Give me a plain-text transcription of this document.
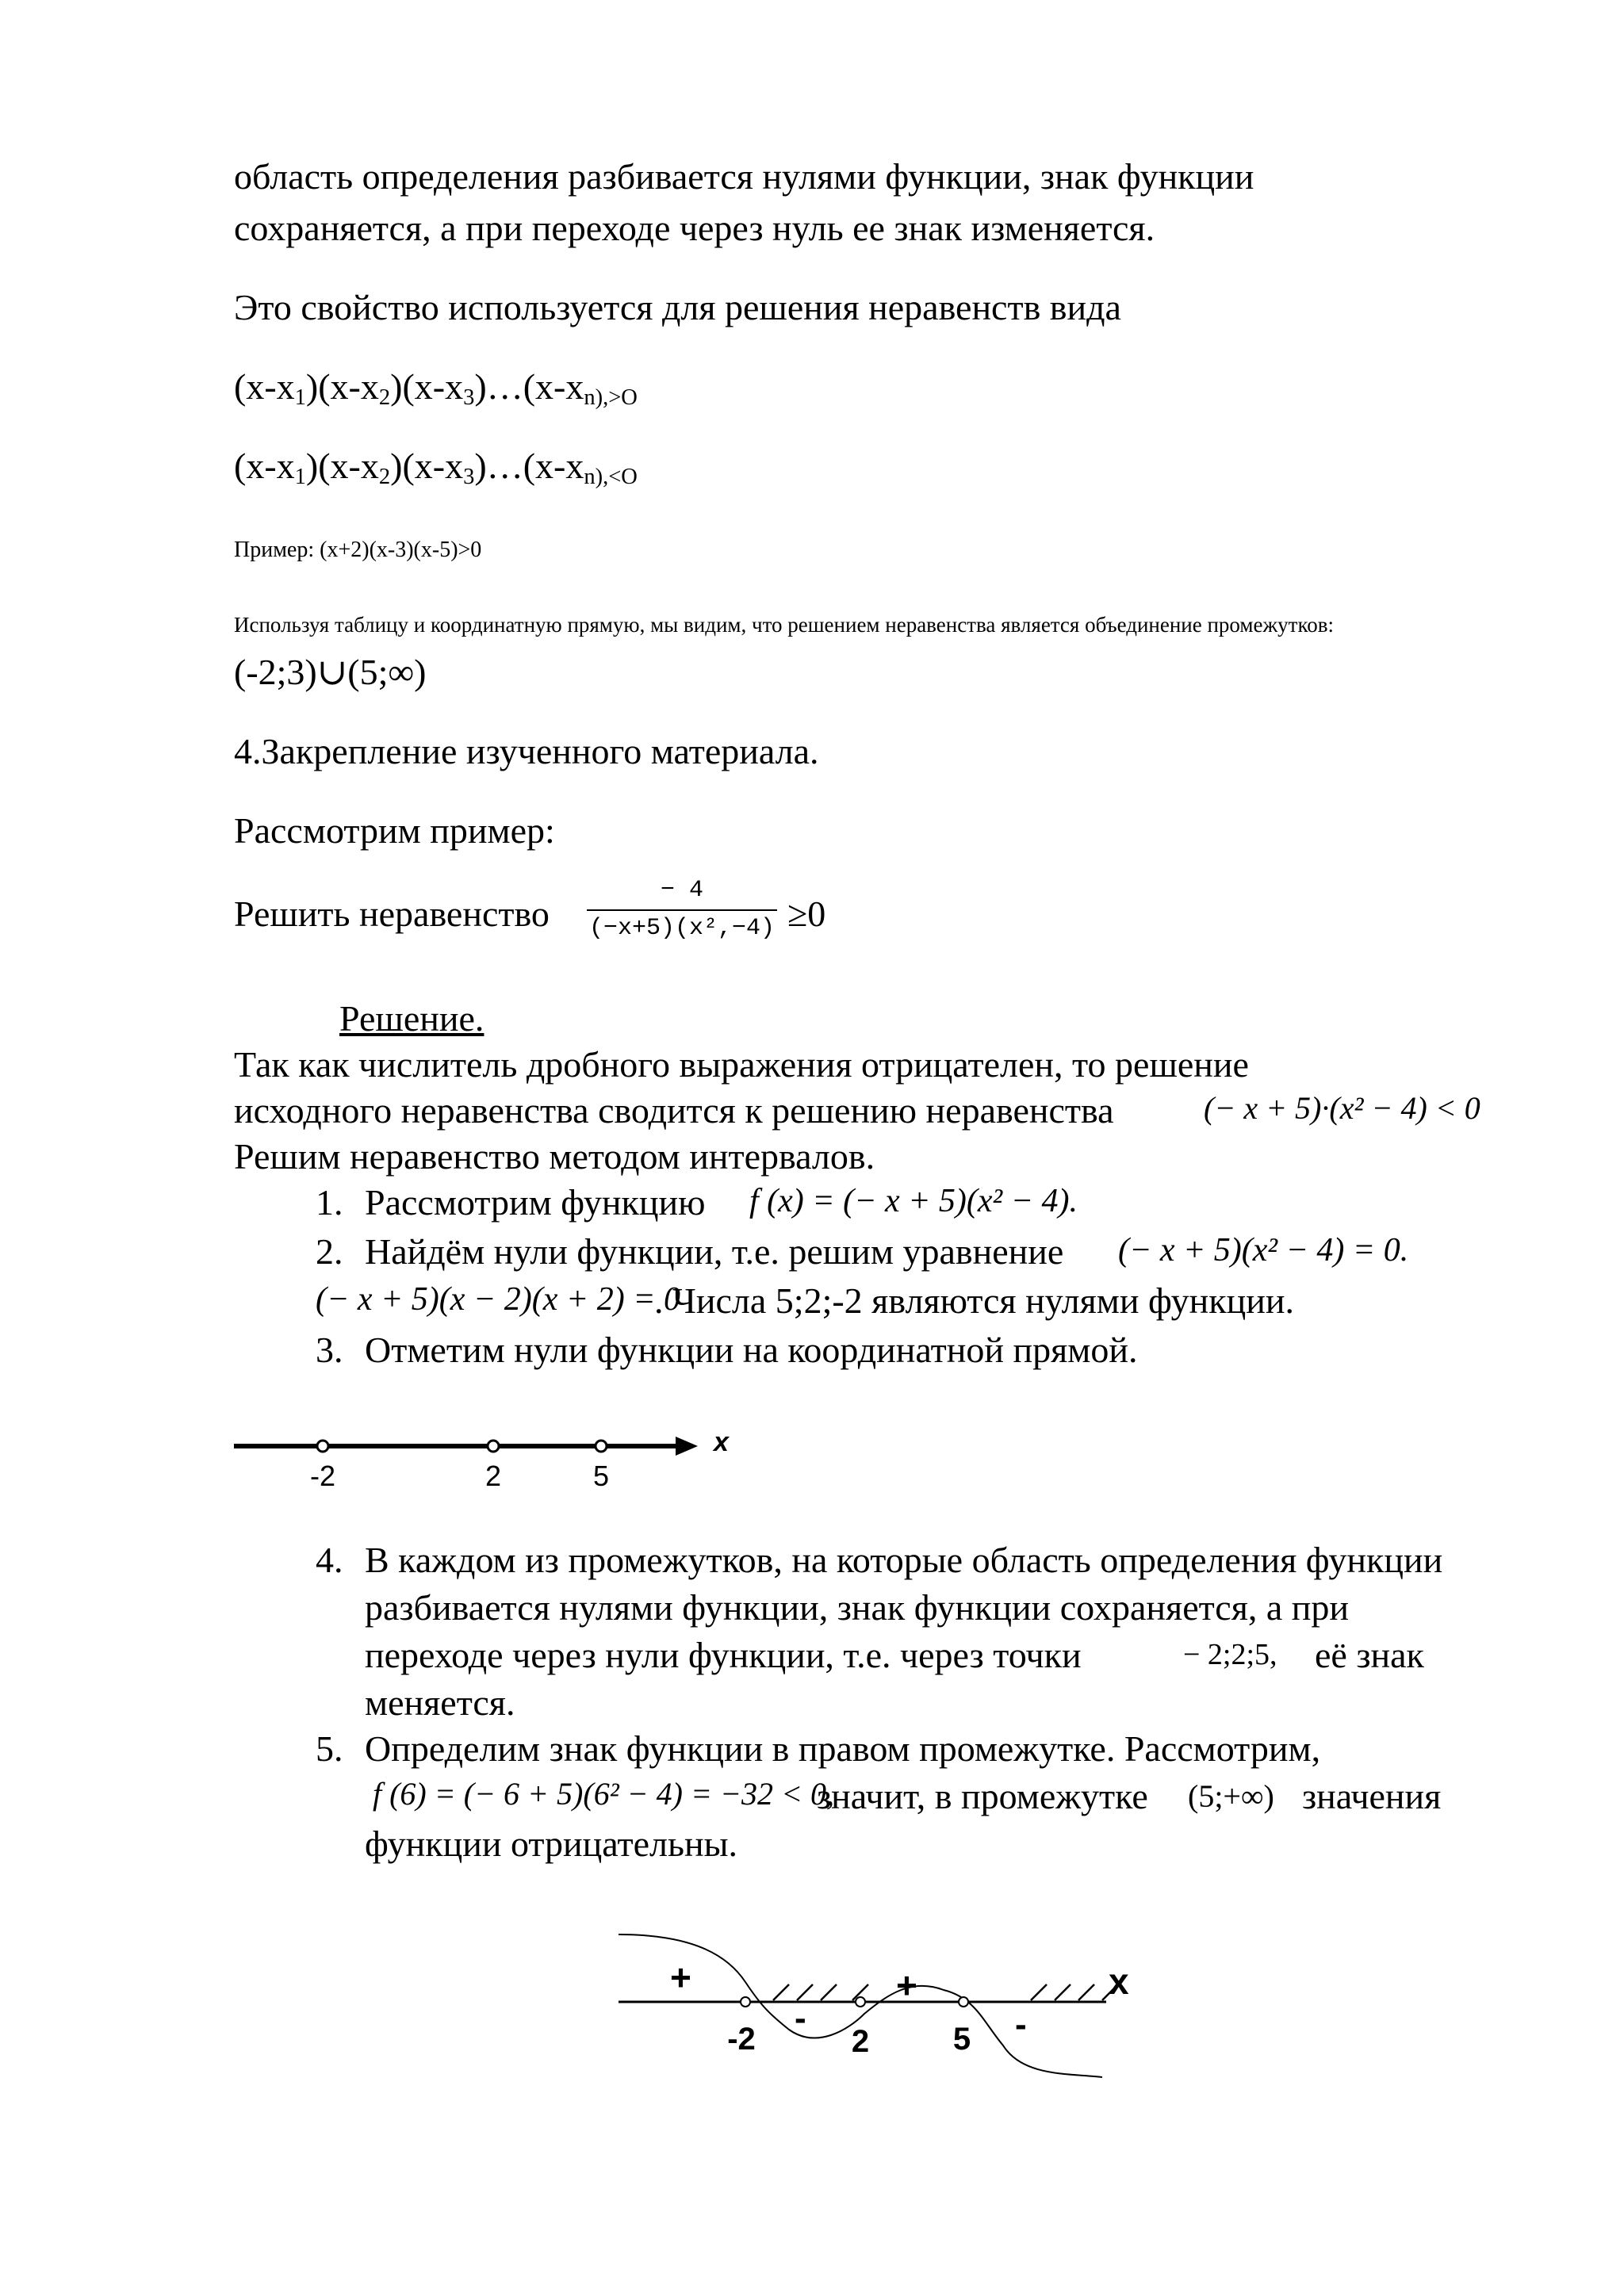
область определения разбивается нулями функции, знак функции
сохраняется, а при переходе через нуль ее знак изменяется.
Это свойство используется для решения неравенств вида
$(x-x_1)(x-x_2)(x-x_3)\dots(x-x_{n),>O}$
$(x-x_1)(x-x_2)(x-x_3)\dots(x-x_{n),<O}$
Пример: (x+2)(x-3)(x-5)>0
Используя таблицу и координатную прямую, мы видим, что решением неравенства является объединение промежутков:
(-2;3)∪(5;∞)
4.Закрепление изученного материала.
Рассмотрим пример:
Решить неравенство
− 4
(−x+5)(x²,−4) ≥0
Решение.
Так как числитель дробного выражения отрицателен, то решение
исходного неравенства сводится к решению неравенства	(− x + 5)·(x² − 4) < 0
Решим неравенство методом интервалов.
1. Рассмотрим функцию f (x) = (− x + 5)(x² − 4).
2. Найдём нули функции, т.е. решим уравнение (− x + 5)(x² − 4) = 0.
(− x + 5)(x − 2)(x + 2) = 0
. Числа 5;2;-2 являются нулями функции.
3. Отметим нули функции на координатной прямой.
x
-2	2	5
4. В каждом из промежутков, на которые область определения функции
разбивается нулями функции, знак функции сохраняется, а при
переходе через нули функции, т.е. через точки	− 2;2;5, её знак
меняется.
5. Определим знак функции в правом промежутке. Рассмотрим,
f (6) = (− 6 + 5)(6² − 4) = −32 < 0,
значит, в промежутке (5;+∞) значения
функции отрицательны.
x
+
-
+
-
-2	2	5
